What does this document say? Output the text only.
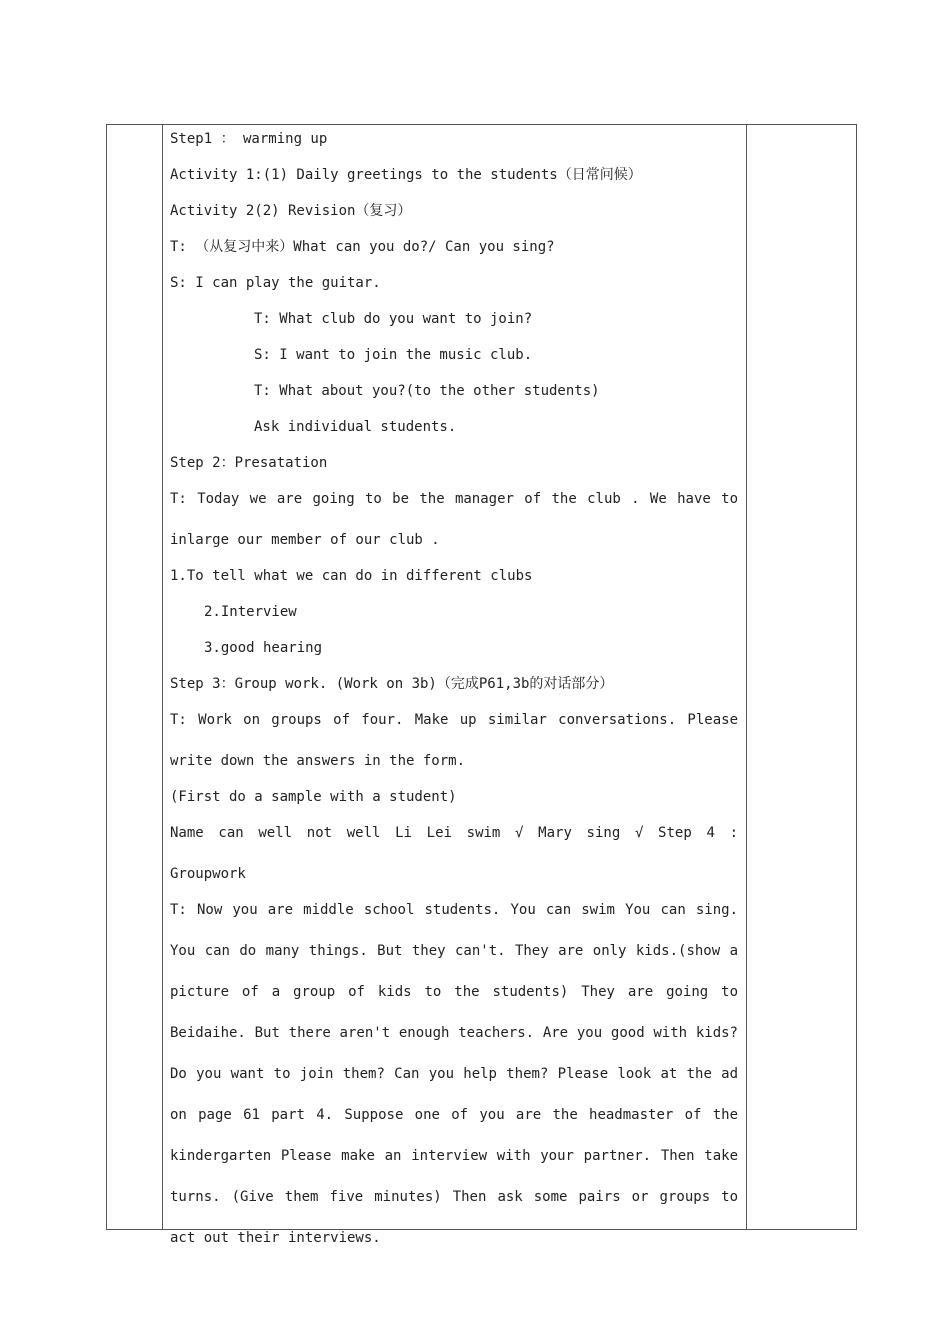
Step1 ： warming up
Activity 1:(1) Daily greetings to the students（日常问候）
Activity 2(2) Revision（复习）
T: （从复习中来）What can you do?/ Can you sing?
S: I can play the guitar.
T: What club do you want to join?
S: I want to join the music club.
T: What about you?(to the other students)
Ask individual students.
Step 2：Presatation
T: Today we are going to be the manager of the club . We have to
inlarge our member of our club .
1.To tell what we can do in different clubs
2.Interview
3.good hearing
Step 3：Group work. (Work on 3b)（完成P61,3b的对话部分）
T: Work on groups of four. Make up similar conversations. Please
write down the answers in the form.
(First do a sample with a student)
Name can well not well Li Lei swim √ Mary sing √ Step 4 :
Groupwork
T: Now you are middle school students. You can swim You can sing.
You can do many things. But they can't. They are only kids.(show a
picture of a group of kids to the students) They are going to
Beidaihe. But there aren't enough teachers. Are you good with kids?
Do you want to join them? Can you help them? Please look at the ad
on page 61 part 4. Suppose one of you are the headmaster of the
kindergarten Please make an interview with your partner. Then take
turns. (Give them five minutes) Then ask some pairs or groups to
act out their interviews.
